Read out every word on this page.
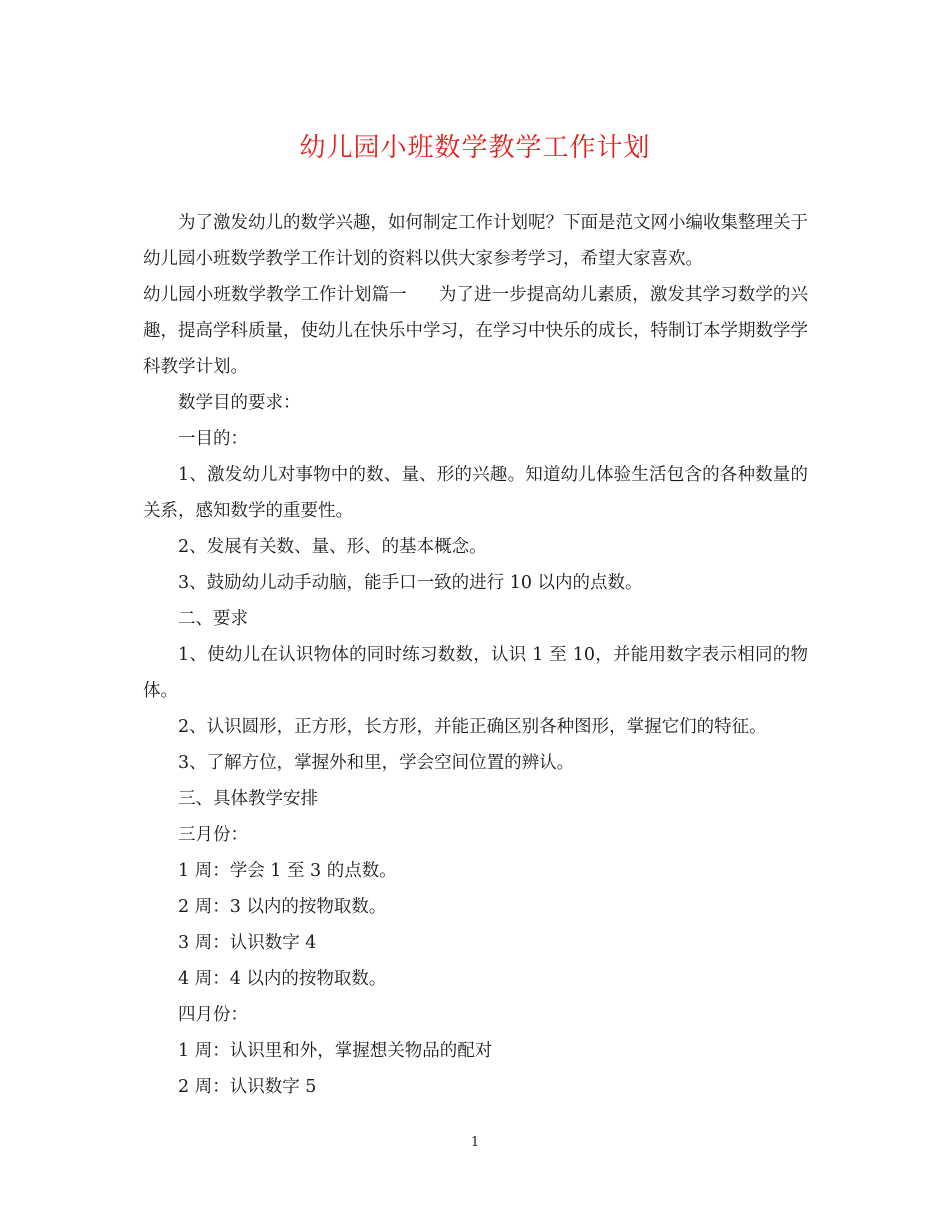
幼儿园小班数学教学工作计划

为了激发幼儿的数学兴趣，如何制定工作计划呢？下面是范文网小编收集整理关于幼儿园小班数学教学工作计划的资料以供大家参考学习，希望大家喜欢。

幼儿园小班数学教学工作计划篇一 为了进一步提高幼儿素质，激发其学习数学的兴趣，提高学科质量，使幼儿在快乐中学习，在学习中快乐的成长，特制订本学期数学学科教学计划。

数学目的要求：

一目的：

1、激发幼儿对事物中的数、量、形的兴趣。知道幼儿体验生活包含的各种数量的关系，感知数学的重要性。

2、发展有关数、量、形、的基本概念。

3、鼓励幼儿动手动脑，能手口一致的进行 10 以内的点数。

二、要求

1、使幼儿在认识物体的同时练习数数，认识 1 至 10，并能用数字表示相同的物体。

2、认识圆形，正方形，长方形，并能正确区别各种图形，掌握它们的特征。

3、了解方位，掌握外和里，学会空间位置的辨认。

三、具体教学安排

三月份：

1 周：学会 1 至 3 的点数。

2 周：3 以内的按物取数。

3 周：认识数字 4

4 周：4 以内的按物取数。

四月份：

1 周：认识里和外，掌握想关物品的配对

2 周：认识数字 5

1
